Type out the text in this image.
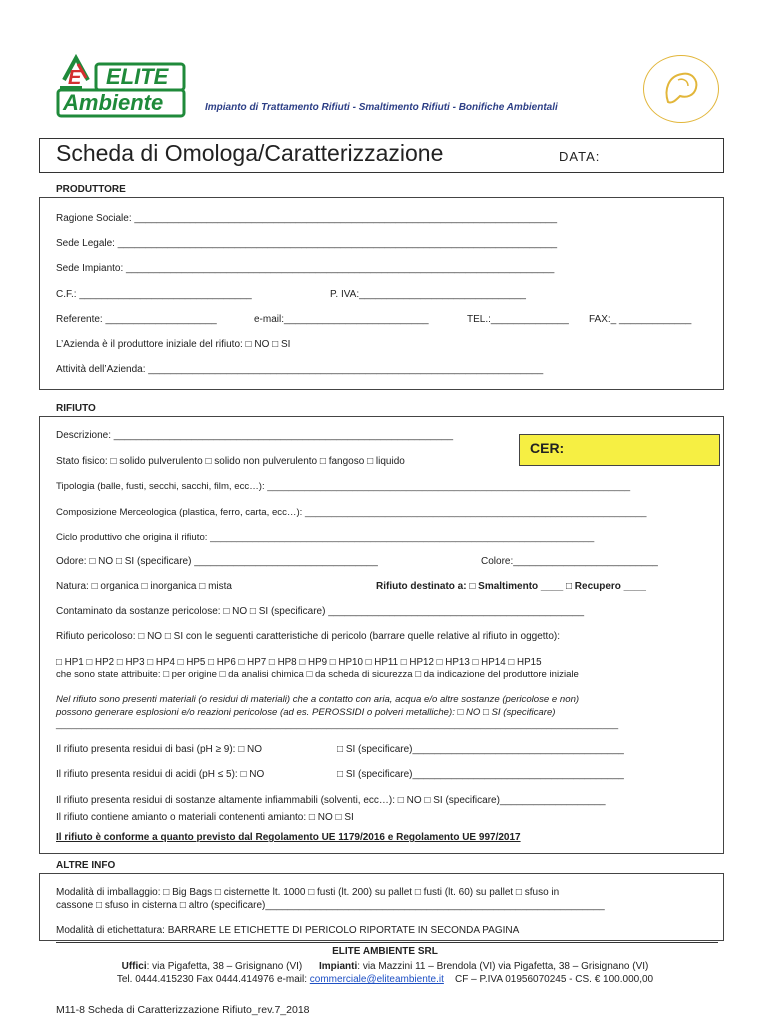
E ELITE
Ambiente	Impianto di Trattamento Rifiuti - Smaltimento Rifiuti - Bonifiche Ambientali
Scheda di Omologa/Caratterizzazione	DATA:
PRODUTTORE
Ragione Sociale: ____________________________________________________________________________
Sede Legale: _______________________________________________________________________________
Sede Impianto: _____________________________________________________________________________
C.F.: _______________________________	P. IVA:______________________________
Referente: ____________________	e-mail:__________________________	TEL.:______________ FAX:_ _____________
L’Azienda è il produttore iniziale del rifiuto: □ NO □ SI
Attività dell’Azienda: _______________________________________________________________________
RIFIUTO
Descrizione: _____________________________________________________________
CER:
Stato fisico: □ solido pulverulento □ solido non pulverulento □ fangoso □ liquido
Tipologia (balle, fusti, secchi, sacchi, film, ecc…): ____________________________________________________________________
Composizione Merceologica (plastica, ferro, carta, ecc…): ________________________________________________________________
Ciclo produttivo che origina il rifiuto: ________________________________________________________________________
Odore: □ NO □ SI (specificare) _________________________________	Colore:__________________________
Natura: □ organica □ inorganica □ mista	Rifiuto destinato a: □ Smaltimento ____ □ Recupero ____
Contaminato da sostanze pericolose: □ NO □ SI (specificare) ______________________________________________
Rifiuto pericoloso: □ NO □ SI con le seguenti caratteristiche di pericolo (barrare quelle relative al rifiuto in oggetto):
□ HP1 □ HP2 □ HP3 □ HP4 □ HP5 □ HP6 □ HP7 □ HP8 □ HP9 □ HP10 □ HP11 □ HP12 □ HP13 □ HP14 □ HP15
che sono state attribuite: □ per origine □ da analisi chimica □ da scheda di sicurezza □ da indicazione del produttore iniziale
Nel rifiuto sono presenti materiali (o residui di materiali) che a contatto con aria, acqua e/o altre sostanze (pericolose e non)
possono generare esplosioni e/o reazioni pericolose (ad es. PEROSSIDI o polveri metalliche): □ NO □ SI (specificare)
______________________________________________________________________________________________________________
Il rifiuto presenta residui di basi (pH ≥ 9): □ NO	□ SI (specificare)______________________________________
Il rifiuto presenta residui di acidi (pH ≤ 5): □ NO	□ SI (specificare)______________________________________
Il rifiuto presenta residui di sostanze altamente infiammabili (solventi, ecc…): □ NO □ SI (specificare)___________________
Il rifiuto contiene amianto o materiali contenenti amianto: □ NO □ SI
Il rifiuto è conforme a quanto previsto dal Regolamento UE 1179/2016 e Regolamento UE 997/2017
ALTRE INFO
Modalità di imballaggio: □ Big Bags □ cisternette lt. 1000 □ fusti (lt. 200) su pallet □ fusti (lt. 60) su pallet □ sfuso in
cassone □ sfuso in cisterna □ altro (specificare)_____________________________________________________________
Modalità di etichettatura: BARRARE LE ETICHETTE DI PERICOLO RIPORTATE IN SECONDA PAGINA
ELITE AMBIENTE SRL
Uffici: via Pigafetta, 38 – Grisignano (VI) Impianti: via Mazzini 11 – Brendola (VI) via Pigafetta, 38 – Grisignano (VI)
Tel. 0444.415230 Fax 0444.414976 e-mail: commerciale@eliteambiente.it CF – P.IVA 01956070245 - CS. € 100.000,00
M11-8 Scheda di Caratterizzazione Rifiuto_rev.7_2018
